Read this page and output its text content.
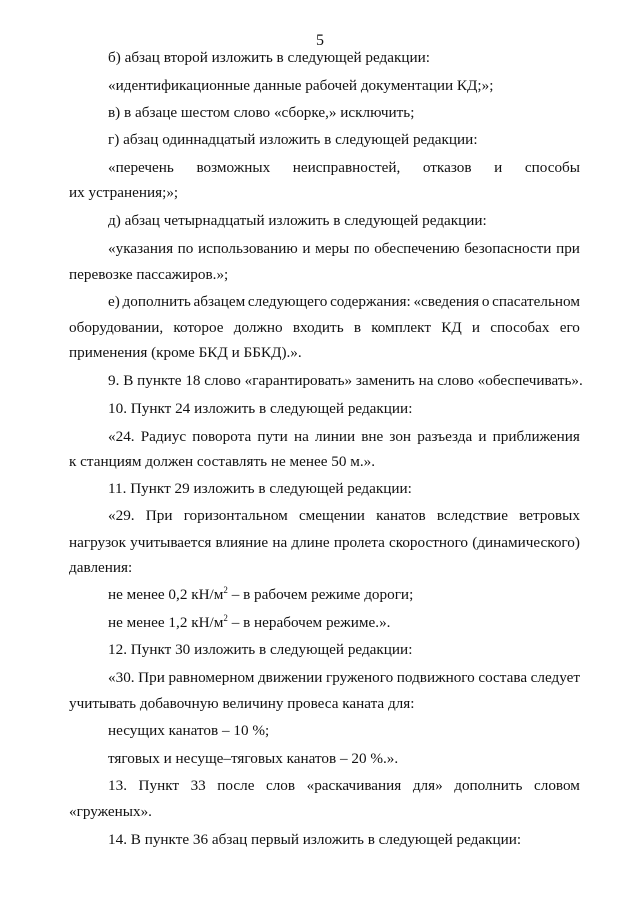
5
б) абзац второй изложить в следующей редакции:
«идентификационные данные рабочей документации КД;»;
в) в абзаце шестом слово «сборке,» исключить;
г) абзац одиннадцатый изложить в следующей редакции:
«перечень возможных неисправностей, отказов и способы
их устранения;»;
д) абзац четырнадцатый изложить в следующей редакции:
«указания по использованию и меры по обеспечению безопасности при
перевозке пассажиров.»;
е) дополнить абзацем следующего содержания: «сведения о спасательном
оборудовании, которое должно входить в комплект КД и способах его
применения (кроме БКД и ББКД).».
9. В пункте 18 слово «гарантировать» заменить на слово «обеспечивать».
10. Пункт 24 изложить в следующей редакции:
«24. Радиус поворота пути на линии вне зон разъезда и приближения
к станциям должен составлять не менее 50 м.».
11. Пункт 29 изложить в следующей редакции:
«29. При горизонтальном смещении канатов вследствие ветровых
нагрузок учитывается влияние на длине пролета скоростного (динамического)
давления:
не менее 0,2 $кН/м^2$ – в рабочем режиме дороги;
не менее 1,2 $кН/м^2$ – в нерабочем режиме.».
12. Пункт 30 изложить в следующей редакции:
«30. При равномерном движении груженого подвижного состава следует
учитывать добавочную величину провеса каната для:
несущих канатов – 10 %;
тяговых и несуще–тяговых канатов – 20 %.».
13. Пункт 33 после слов «раскачивания для» дополнить словом
«груженых».
14. В пункте 36 абзац первый изложить в следующей редакции:
